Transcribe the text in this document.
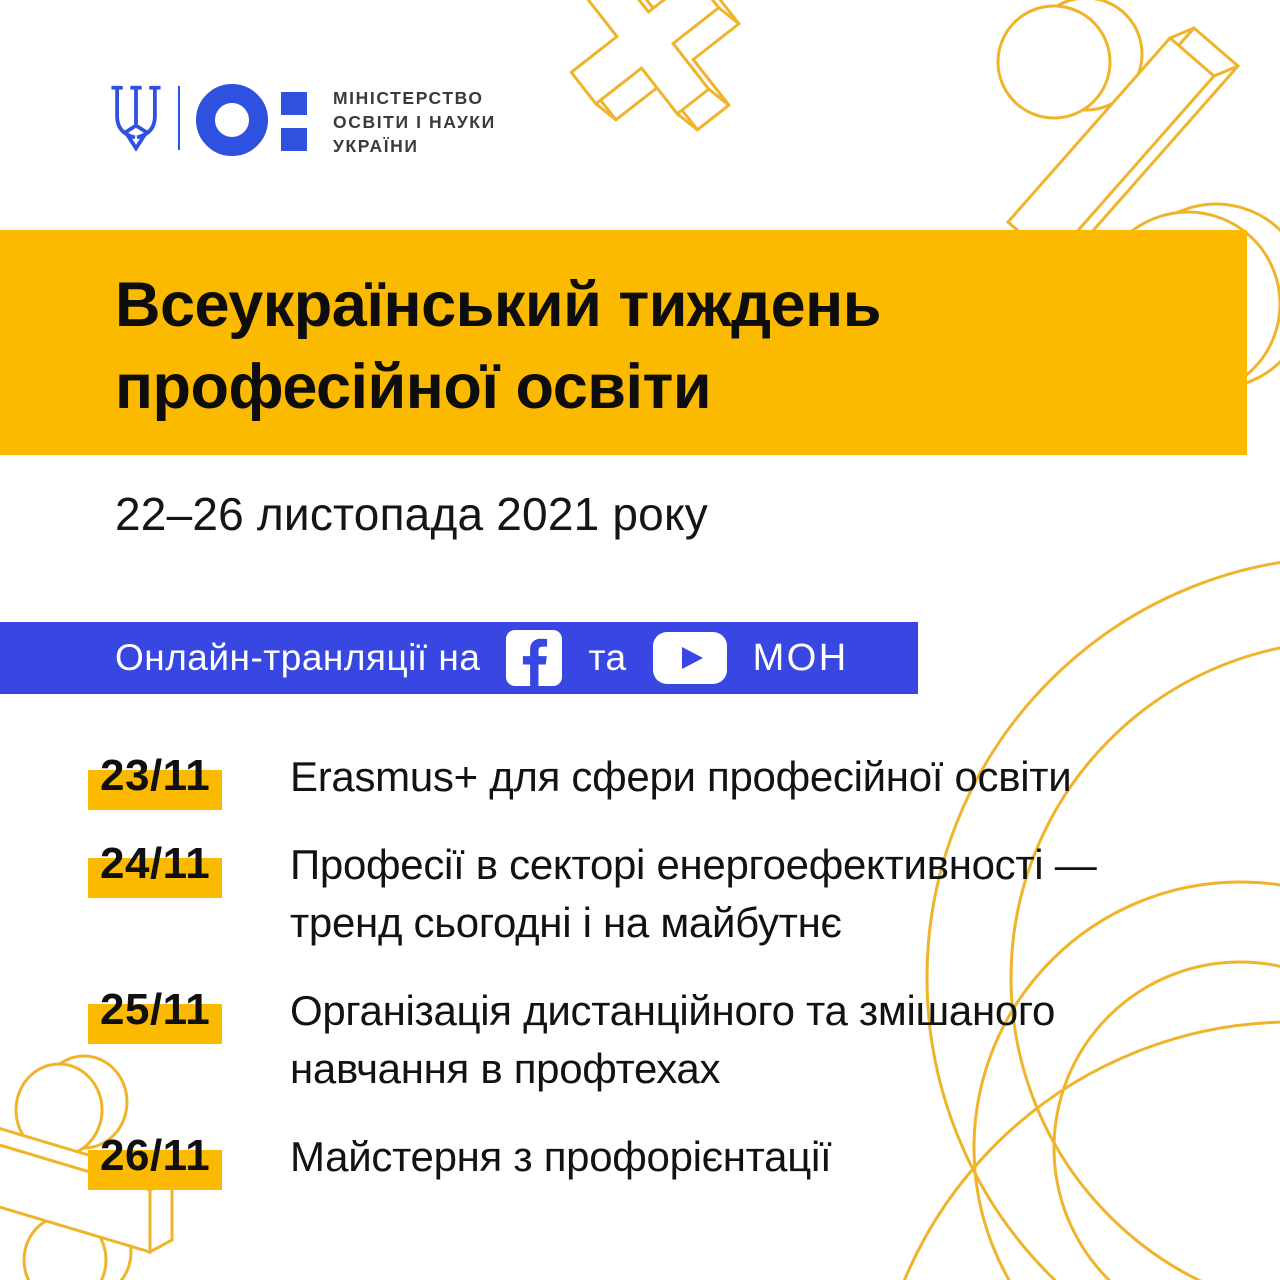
МІНІСТЕРСТВО
ОСВІТИ І НАУКИ
УКРАЇНИ
Всеукраїнський тиждень
професійної освіти
22–26 листопада 2021 року
Онлайн-транляції на	та	МОН
23/11 Erasmus+ для сфери професійної освіти
24/11 Професії в секторі енергоефективності —
тренд сьогодні і на майбутнє
25/11 Організація дистанційного та змішаного
навчання в профтехах
26/11 Майстерня з профорієнтації
